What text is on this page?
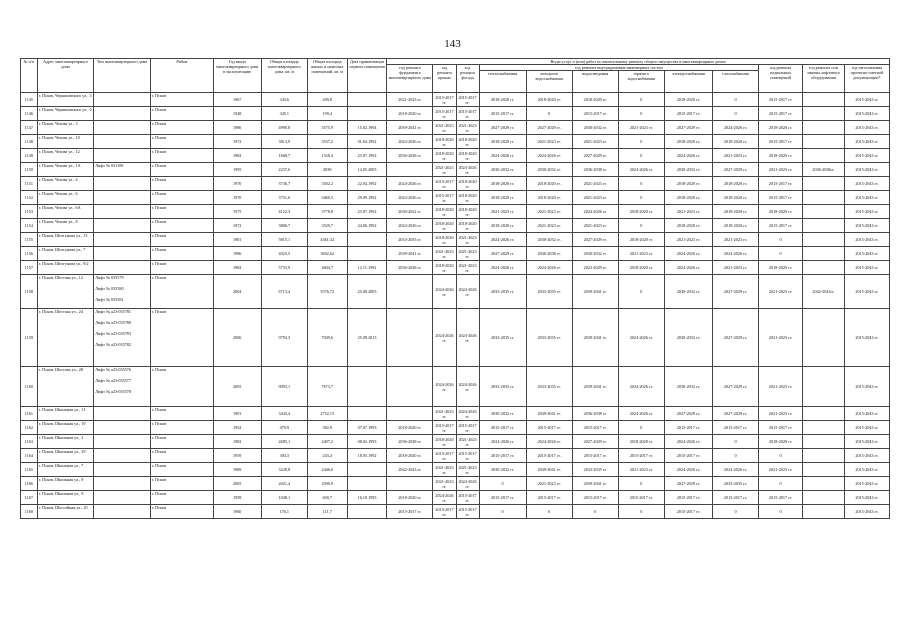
143
№ п/п	Адрес многоквартирного дома	Тип многоквартирного дома	Район	Год ввода многоквартирного дома в эксплуатацию	Общая площадь многоквартирного дома, кв. м	Общая площадь жилых и нежилых помещений, кв. м	Дата приватизации первого помещения	Виды услуг и (или) работ по капитальному ремонту общего имущества в многоквартирных домах											
								год ремонта фундамента многоквартирного дома	год ремонта крыши	год ремонта фасада	год ремонта внутридомовых инженерных систем						год ремонта подвальных помещений	год ремонта или замены лифтового оборудования	год изготовления проектно-сметной документации*
											теплоснабжения	холодного водоснабжения	водоотведения	горячего водоснабжения	электроснабжения	газоснабжения			
1145	г. Псков, Черняховского ул., 3		г. Псков	1967	344,6	209,8		2021-2023 гг.	2015-2017 гг.	2015-2017 гг.	2018-2020 гг.	2018-2020 гг.	2018-2020 гг.	0	2018-2020 гг.	0	2015-2017 гг.		2015-2043 гг.
1146	г. Псков, Черняховского ул., 6		г. Псков	1948	345,1	199,4		2018-2020 гг.	2015-2017 гг.	2015-2017 гг.	2015-2017 гг.	0	2015-2017 гг.	0	2015-2017 гг.	0	2015-2017 гг.		2015-2043 гг.
1147	г. Псков, Чехова ул., 3		г. Псков	1986	4990,8	3575,9	15.02.1994	2039-2041 гг.	2021-2023 гг.	2021-2023 гг.	2027-2029 гг.	2027-2029 гг.	2030-2032 гг.	2021-2023 гг.	2027-2029 гг.	2024-2026 гг.	2018-2020 гг.		2015-2043 гг.
1148	г. Псков, Чехова ул., 10		г. Псков	1972	3813,9	3537,2	01.04.1992	2024-2026 гг.	2018-2020 гг.	2018-2020 гг.	2018-2020 гг.	2021-2023 гг.	2021-2023 гг.	0	2018-2020 гг.	2018-2020 гг.	2015-2017 гг.		2015-2043 гг.
1149	г. Псков, Чехова ул., 12		г. Псков	1982	1668,7	1528,4	23.07.1992	2036-2038 гг.	2018-2020 гг.	2018-2020 гг.	2024-2026 гг.	2024-2026 гг.	2027-2029 гг.	0	2024-2026 гг.	2021-2023 гг.	2018-2020 гг.		2015-2043 гг.
1150	г. Псков, Чехова ул., 1А	Лифт № 031100	г. Псков	1995	2237,6	2838	14.05.2005		2021-2023 гг.	2024-2026 гг.	2030-2032 гг.	2030-2032 гг.	2036-2038 гг.	2024-2026 гг.	2030-2032 гг.	2027-2029 гг.	2021-2023 гг.	2036-2038гг.	2015-2043 гг.
1151	г. Псков, Чехова ул., 4		г. Псков	1970	3736,7	3502,2	22.04.1992	2024-2026 гг.	2015-2017 гг.	2018-2020 гг.	2018-2020 гг.	2018-2020 гг.	2021-2023 гг.	0	2018-2020 гг.	2018-2020 гг.	2015-2017 гг.		2015-2043 гг.
1152	г. Псков, Чехова ул., 6		г. Псков	1970	3751,6	3460,3	29.09.1992	2024-2026 гг.	2015-2017 гг.	2018-2020 гг.	2018-2020 гг.	2018-2020 гг.	2021-2023 гг.	0	2018-2020 гг.	2018-2020 гг.	2015-2017 гг.		2015-2043 гг.
1153	г. Псков, Чехова ул., 6А		г. Псков	1975	4122,3	3778,8	23.07.1992	2030-2032 гг.	2018-2020 гг.	2018-2020 гг.	2021-2023 гг.	2021-2023 гг.	2024-2026 гг.	2018-2020 гг.	2021-2023 гг.	2018-2020 гг.	2018-2020 гг.		2015-2043 гг.
1154	г. Псков, Чехова ул., 8		г. Псков	1972	3806,7	3529,7	24.06.1992	2024-2026 гг.	2018-2020 гг.	2018-2020 гг.	2018-2020 гг.	2021-2023 гг.	2021-2023 гг.	0	2018-2020 гг.	2018-2020 гг.	2015-2017 гг.		2015-2043 гг.
1155	г. Псков, Шелгунова ул., 13		г. Псков	1981	5815,1	4361,32		2033-2035 гг.	2018-2020 гг.	2021-2023 гг.	2024-2026 гг.	2030-2032 гг.	2027-2029 гг.	2018-2020 гг.	2021-2023 гг.	2021-2023 гг.	0		2015-2043 гг.
1156	г. Псков, Шелгунова ул., 7		г. Псков	1986	4923,5	3692,62		2039-2041 гг.	2021-2023 гг.	2021-2023 гг.	2027-2029 гг.	2036-2038 гг.	2030-2032 гг.	2021-2023 гг.	2024-2026 гг.	2024-2026 гг.	0		2015-2043 гг.
1157	г. Псков, Шелгунова ул., 9/2		г. Псков	1982	5755,9	4604,7	12.11.1992	2036-2038 гг.	2018-2020 гг.	2021-2023 гг.	2024-2026 гг.	2024-2026 гг.	2023-2029 гг.	2018-2020 гг.	2024-2026 гг.	2021-2023 гг.	2018-2020 гг.		2015-2043 гг.
1158	г. Псков, Шестака ул., 12	Лифт № 035579
Лифт № 035580
Лифт № 035581	г. Псков	2004	6713,4	5576,72	25.08.2005		2024-2026 гг.	2024-2026 гг.	2033-2035 гг.	2033-2035 гг.	2039-2041 гг.	0	2030-2032 гг.	2027-2029 гг.	2021-2023 гг.	2042-2043гг.	2015-2043 гг.
1159	г. Псков, Шестака ул., 24	Лифт № а23-035781
Лифт № а23-035780
Лифт № а23-035783
Лифт № а23-035782	г. Псков	2006	9793,3	7949,6	25.09.2013		2024-2026 гг.	2024-2026 гг.	2033-2035 гг.	2033-2035 гг.	2039-2041 гг.	2024-2026 гг.	2030-2032 гг.	2027-2029 гг.	2021-2023 гг.		2015-2043 гг.
1160	г. Псков, Шестака ул., 28	Лифт № а23-035576
Лифт № а23-035577
Лифт № а23-035578	г. Псков	2005	9093,1	7673,7			2024-2026 гг.	2024-2026 гг.	2033-2035 гг.	2033-2035 гг.	2039-2041 гг.	2024-2026 гг.	2030-2032 гг.	2027-2029 гг.	2021-2023 гг.		2015-2043 гг.
1161	г. Псков, Школьная ул., 11		г. Псков	1991	3443,4	2752,15			2021-2023 гг.	2024-2026 гг.	2030-2032 гг.	2039-2041 гг.	2036-2038 гг.	2024-2026 гг.	2027-2029 гг.	2027-2029 гг.	2021-2023 гг.		2015-2043 гг.
1162	г. Псков, Школьная ул., 19		г. Псков	1952	479,9	382,9	07.07.1993	2018-2020 гг.	2015-2017 гг.	2015-2017 гг.	2015-2017 гг.	2015-2017 гг.	2015-2017 гг.	0	2015-2017 гг.	2015-2017 гг.	2015-2017 гг.		2015-2043 гг.
1163	г. Псков, Школьная ул., 2		г. Псков	1982	2685,1	2407,2	08.02.1993	2036-2038 гг.	2018-2020 гг.	2021-2023 гг.	2024-2026 гг.	2024-2026 гг.	2027-2029 гг.	2018-2020 гг.	2024-2026 гг.	0	2018-2020 гг.		2015-2043 гг.
1164	г. Псков, Школьная ул., 29		г. Псков	1959	304,3	243,4	18.05.1992	2018-2020 гг.	2015-2017 гг.	2015-2017 гг.	2015-2017 гг.	2015-2017 гг.	2015-2017 гг.	2015-2017 гг.	2015-2017 гг.	0	0		2015-2043 гг.
1165	г. Псков, Школьная ул., 7		г. Псков	1989	3228,8	2446,6		2042-2043 гг.	2021-2023 гг.	2021-2023 гг.	2030-2032 гг.	2039-2041 гг.	2033-2035 гг.	2021-2023 гг.	2024-2026 гг.	2024-2026 гг.	2021-2023 гг.		2015-2043 гг.
1166	г. Псков, Школьная ул., 8		г. Псков	2005	2021,4	2590,9			2021-2023 гг.	2024-2026 гг.	0	2021-2023 гг.	2039-2041 гг.	0	2027-2029 гг.	2033-2035 гг.	0		2015-2043 гг.
1167	г. Псков, Школьная ул., 9		г. Псков	1958	1048,1	600,7	16.10.1995	2018-2020 гг.	2024-2026 гг.	2015-2017 гг.	2015-2017 гг.	2015-2017 гг.	2015-2017 гг.	2015-2017 гг.	2015-2017 гг.	2015-2017 гг.	2015-2017 гг.		2015-2043 гг.
1168	г. Псков, Шоссейная ул., 25		г. Псков	1960	176,1	111,7		2015-2017 гг.	2015-2017 гг.	2015-2017 гг.	0	0	0	0	2015-2017 гг.	0	0		2015-2043 гг.
